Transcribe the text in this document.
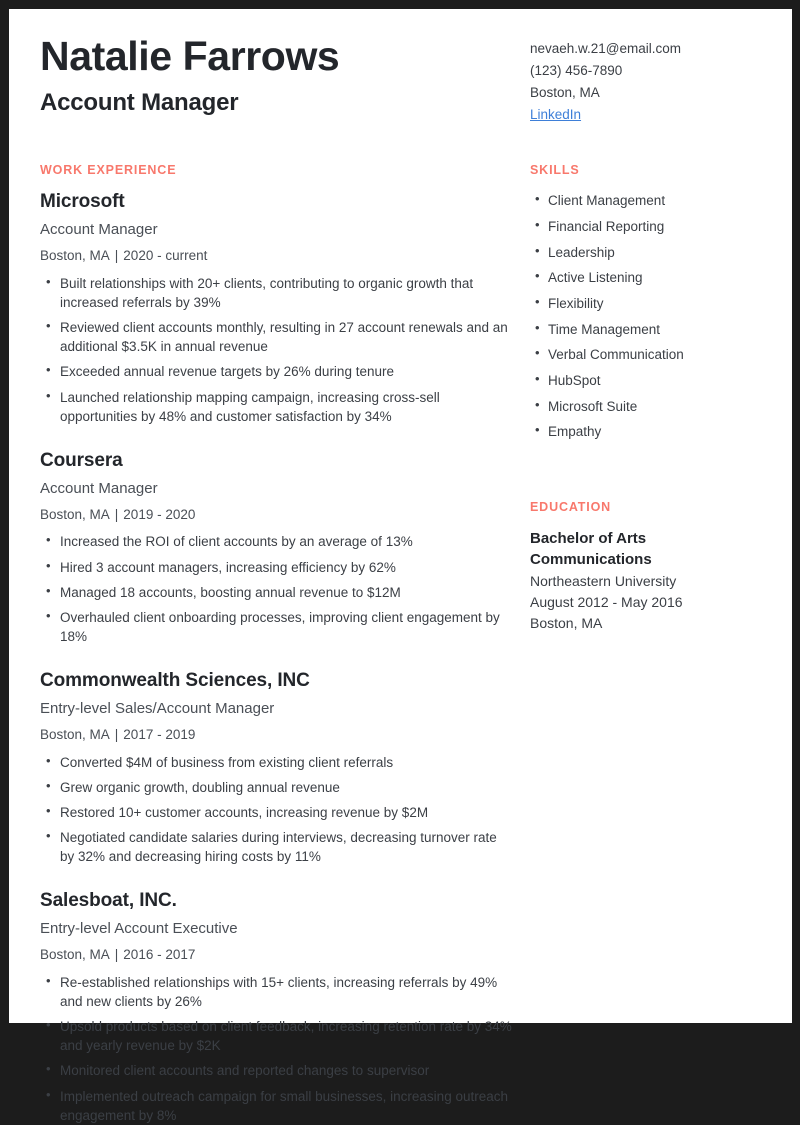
Natalie Farrows
Account Manager
nevaeh.w.21@email.com
(123) 456-7890
Boston, MA
LinkedIn
WORK EXPERIENCE
Microsoft
Account Manager
Boston, MA | 2020 - current
• Built relationships with 20+ clients, contributing to organic growth that increased referrals by 39%
• Reviewed client accounts monthly, resulting in 27 account renewals and an additional $3.5K in annual revenue
• Exceeded annual revenue targets by 26% during tenure
• Launched relationship mapping campaign, increasing cross-sell opportunities by 48% and customer satisfaction by 34%
Coursera
Account Manager
Boston, MA | 2019 - 2020
• Increased the ROI of client accounts by an average of 13%
• Hired 3 account managers, increasing efficiency by 62%
• Managed 18 accounts, boosting annual revenue to $12M
• Overhauled client onboarding processes, improving client engagement by 18%
Commonwealth Sciences, INC
Entry-level Sales/Account Manager
Boston, MA | 2017 - 2019
• Converted $4M of business from existing client referrals
• Grew organic growth, doubling annual revenue
• Restored 10+ customer accounts, increasing revenue by $2M
• Negotiated candidate salaries during interviews, decreasing turnover rate by 32% and decreasing hiring costs by 11%
Salesboat, INC.
Entry-level Account Executive
Boston, MA | 2016 - 2017
• Re-established relationships with 15+ clients, increasing referrals by 49% and new clients by 26%
• Upsold products based on client feedback, increasing retention rate by 34% and yearly revenue by $2K
• Monitored client accounts and reported changes to supervisor
• Implemented outreach campaign for small businesses, increasing outreach engagement by 8%
SKILLS
• Client Management
• Financial Reporting
• Leadership
• Active Listening
• Flexibility
• Time Management
• Verbal Communication
• HubSpot
• Microsoft Suite
• Empathy
EDUCATION
Bachelor of Arts Communications
Northeastern University
August 2012 - May 2016
Boston, MA
